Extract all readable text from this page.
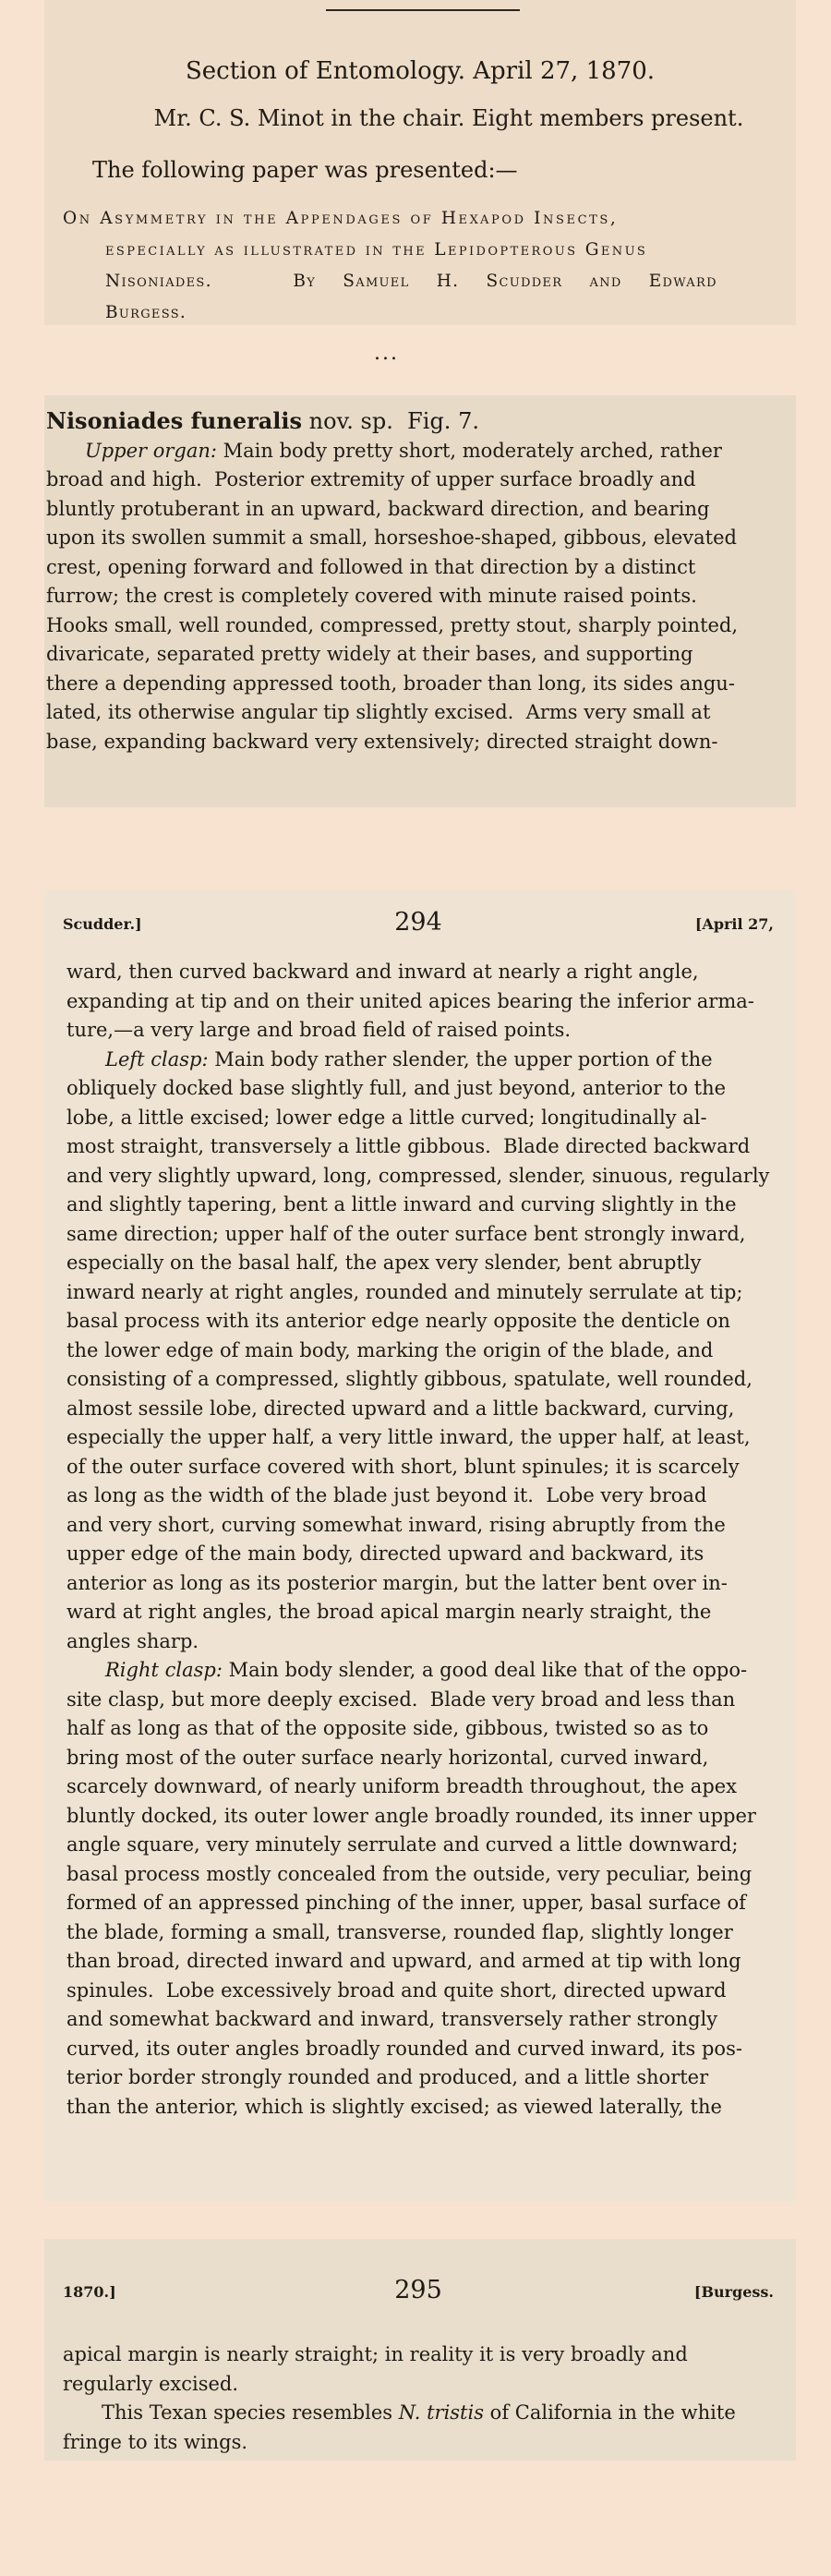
Section of Entomology. April 27, 1870.
Mr. C. S. Minot in the chair. Eight members present.
The following paper was presented:—
On Asymmetry in the Appendages of Hexapod Insects,
especially as illustrated in the Lepidopterous Genus
Nisoniades.   By Samuel H. Scudder and Edward
Burgess.
...
Nisoniades funeralis nov. sp.  Fig. 7.
Upper organ: Main body pretty short, moderately arched, rather
broad and high.  Posterior extremity of upper surface broadly and
bluntly protuberant in an upward, backward direction, and bearing
upon its swollen summit a small, horseshoe-shaped, gibbous, elevated
crest, opening forward and followed in that direction by a distinct
furrow; the crest is completely covered with minute raised points.
Hooks small, well rounded, compressed, pretty stout, sharply pointed,
divaricate, separated pretty widely at their bases, and supporting
there a depending appressed tooth, broader than long, its sides angu-
lated, its otherwise angular tip slightly excised.  Arms very small at
base, expanding backward very extensively; directed straight down-
Scudder.]	294	[April 27,
ward, then curved backward and inward at nearly a right angle,
expanding at tip and on their united apices bearing the inferior arma-
ture,—a very large and broad field of raised points.
Left clasp: Main body rather slender, the upper portion of the
obliquely docked base slightly full, and just beyond, anterior to the
lobe, a little excised; lower edge a little curved; longitudinally al-
most straight, transversely a little gibbous.  Blade directed backward
and very slightly upward, long, compressed, slender, sinuous, regularly
and slightly tapering, bent a little inward and curving slightly in the
same direction; upper half of the outer surface bent strongly inward,
especially on the basal half, the apex very slender, bent abruptly
inward nearly at right angles, rounded and minutely serrulate at tip;
basal process with its anterior edge nearly opposite the denticle on
the lower edge of main body, marking the origin of the blade, and
consisting of a compressed, slightly gibbous, spatulate, well rounded,
almost sessile lobe, directed upward and a little backward, curving,
especially the upper half, a very little inward, the upper half, at least,
of the outer surface covered with short, blunt spinules; it is scarcely
as long as the width of the blade just beyond it.  Lobe very broad
and very short, curving somewhat inward, rising abruptly from the
upper edge of the main body, directed upward and backward, its
anterior as long as its posterior margin, but the latter bent over in-
ward at right angles, the broad apical margin nearly straight, the
angles sharp.
Right clasp: Main body slender, a good deal like that of the oppo-
site clasp, but more deeply excised.  Blade very broad and less than
half as long as that of the opposite side, gibbous, twisted so as to
bring most of the outer surface nearly horizontal, curved inward,
scarcely downward, of nearly uniform breadth throughout, the apex
bluntly docked, its outer lower angle broadly rounded, its inner upper
angle square, very minutely serrulate and curved a little downward;
basal process mostly concealed from the outside, very peculiar, being
formed of an appressed pinching of the inner, upper, basal surface of
the blade, forming a small, transverse, rounded flap, slightly longer
than broad, directed inward and upward, and armed at tip with long
spinules.  Lobe excessively broad and quite short, directed upward
and somewhat backward and inward, transversely rather strongly
curved, its outer angles broadly rounded and curved inward, its pos-
terior border strongly rounded and produced, and a little shorter
than the anterior, which is slightly excised; as viewed laterally, the
1870.]	295	[Burgess.
apical margin is nearly straight; in reality it is very broadly and
regularly excised.
This Texan species resembles N. tristis of California in the white
fringe to its wings.
